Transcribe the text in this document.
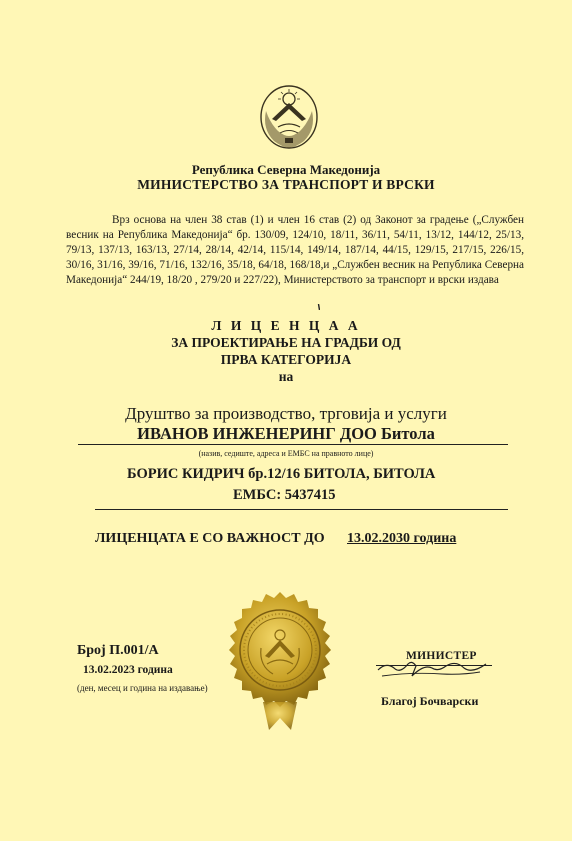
Република Северна Македонија
МИНИСТЕРСТВО ЗА ТРАНСПОРТ И ВРСКИ
Врз основа на член 38 став (1) и член 16 став (2) од Законот за градење („Службен весник на Република Македонија“ бр. 130/09, 124/10, 18/11, 36/11, 54/11, 13/12, 144/12, 25/13, 79/13, 137/13, 163/13, 27/14, 28/14, 42/14, 115/14, 149/14, 187/14, 44/15, 129/15, 217/15, 226/15, 30/16, 31/16, 39/16, 71/16, 132/16, 35/18, 64/18, 168/18,и „Службен весник на Република Северна Македонија“ 244/19, 18/20 , 279/20 и 227/22), Министерството за транспорт и врски издава
Л И Ц Е Н Ц А А
ЗА ПРОЕКТИРАЊЕ НА ГРАДБИ ОД
ПРВА КАТЕГОРИЈА
на
Друштво за производство, трговија и услуги
ИВАНОВ ИНЖЕНЕРИНГ ДОО Битола
(назив, седиште, адреса и ЕМБС на правното лице)
БОРИС КИДРИЧ бр.12/16 БИТОЛА, БИТОЛА
ЕМБС: 5437415
ЛИЦЕНЦАТА Е СО ВАЖНОСТ ДО 13.02.2030 година
Број П.001/А
13.02.2023 година
(ден, месец и година на издавање)
МИНИСТЕР
Благој Бочварски
